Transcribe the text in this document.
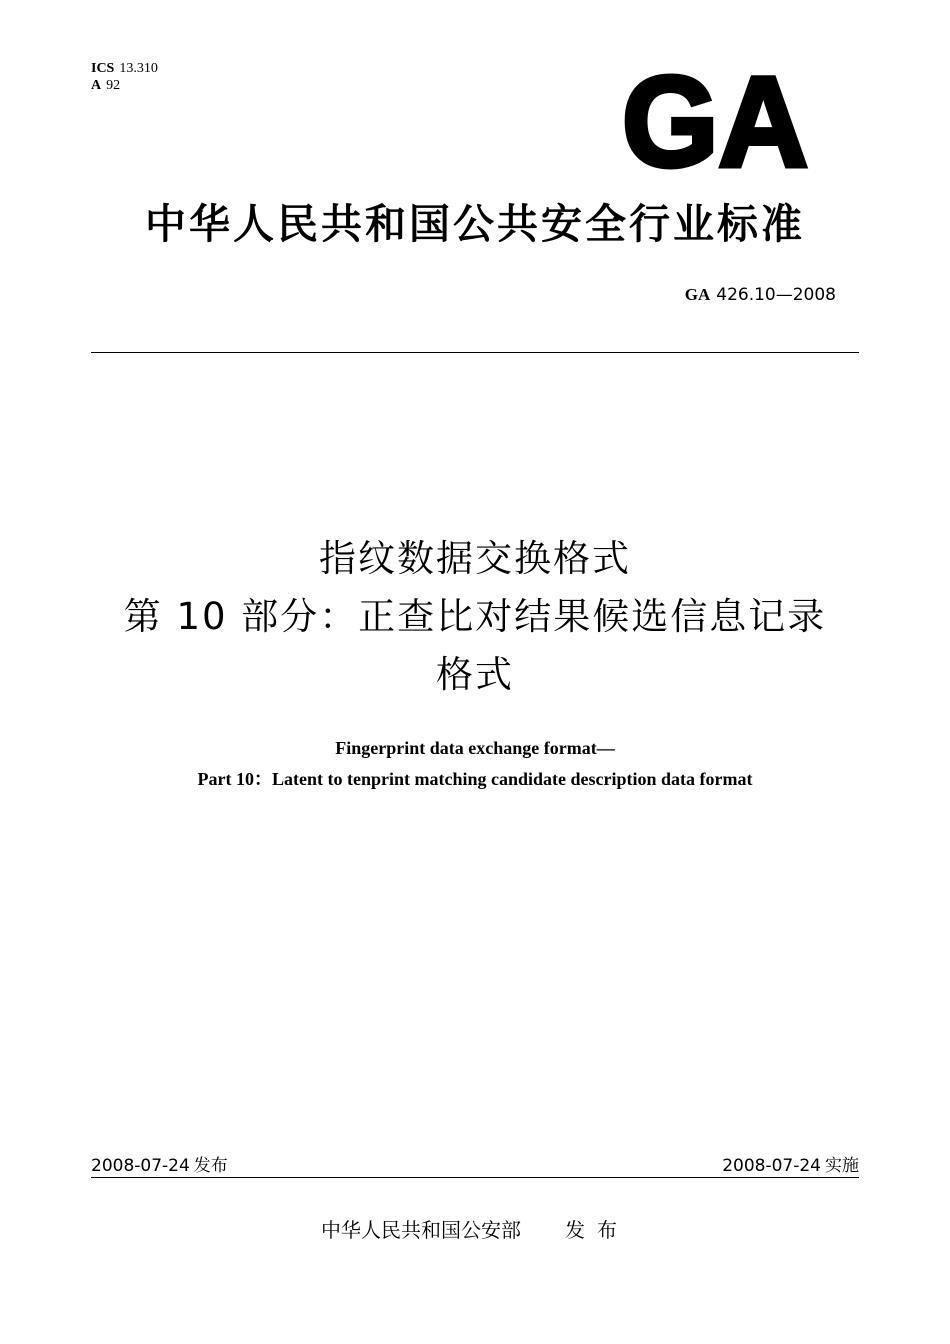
ICS 13.310
A 92	GA
中华人民共和国公共安全行业标准
GA 426.10—2008
指纹数据交换格式
第 10 部分：正查比对结果候选信息记录
格式
Fingerprint data exchange format—
Part 10：Latent to tenprint matching candidate description data format
2008-07-24 发布	2008-07-24 实施
中华人民共和国公安部 发布
